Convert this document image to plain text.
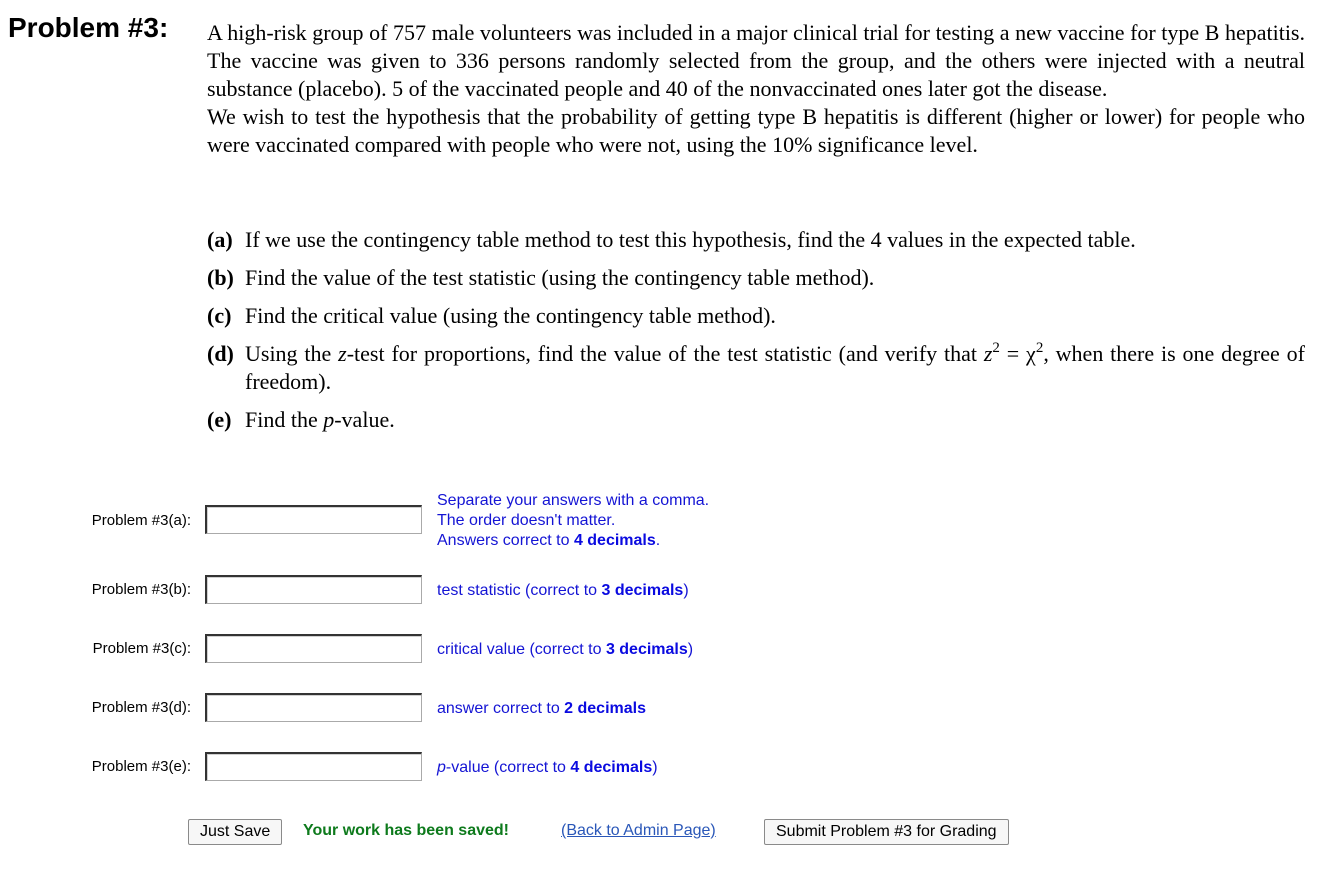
Problem #3: A high-risk group of 757 male volunteers was included in a major clinical trial for testing a new vaccine for type B hepatitis. The vaccine was given to 336 persons randomly selected from the group, and the others were injected with a neutral substance (placebo). 5 of the vaccinated people and 40 of the nonvaccinated ones later got the disease.

We wish to test the hypothesis that the probability of getting type B hepatitis is different (higher or lower) for people who were vaccinated compared with people who were not, using the 10% significance level.

(a) If we use the contingency table method to test this hypothesis, find the 4 values in the expected table.
(b) Find the value of the test statistic (using the contingency table method).
(c) Find the critical value (using the contingency table method).
(d) Using the z-test for proportions, find the value of the test statistic (and verify that $z^2 = \chi^2$, when there is one degree of freedom).
(e) Find the p-value.
Problem #3(a):
Separate your answers with a comma.
The order doesn't matter.
Answers correct to 4 decimals.
Problem #3(b):	test statistic (correct to 3 decimals)
Problem #3(c):	critical value (correct to 3 decimals)
Problem #3(d):	answer correct to 2 decimals
Problem #3(e):	p-value (correct to 4 decimals)
Just Save	Your work has been saved!	(Back to Admin Page)	Submit Problem #3 for Grading
